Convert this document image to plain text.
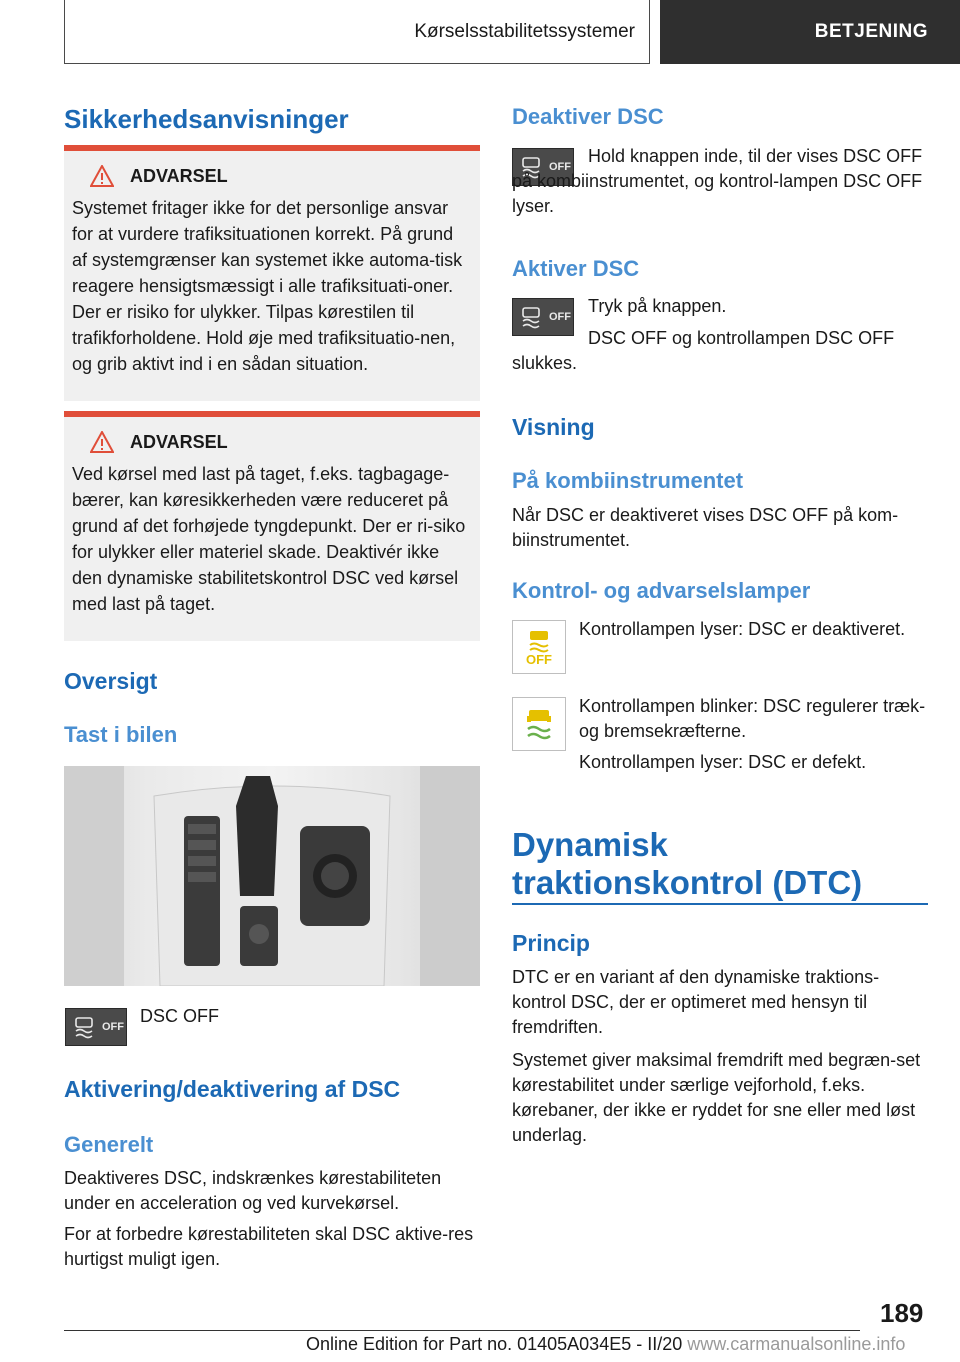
Kørselsstabilitetssystemer	BETJENING
Sikkerhedsanvisninger
ADVARSEL

Systemet fritager ikke for det personlige ansvar for at vurdere trafiksituationen korrekt. På grund af systemgrænser kan systemet ikke automa-tisk reagere hensigtsmæssigt i alle trafiksituati-oner. Der er risiko for ulykker. Tilpas kørestilen til trafikforholdene. Hold øje med trafiksituatio-nen, og grib aktivt ind i en sådan situation.

ADVARSEL

Ved kørsel med last på taget, f.eks. tagbagage-bærer, kan køresikkerheden være reduceret på grund af det forhøjede tyngdepunkt. Der er ri-siko for ulykker eller materiel skade. Deaktivér ikke den dynamiske stabilitetskontrol DSC ved kørsel med last på taget.

Oversigt
Tast i bilen
OFF

DSC OFF

Aktivering/deaktivering af DSC
Generelt

Deaktiveres DSC, indskrænkes kørestabiliteten under en acceleration og ved kurvekørsel.

For at forbedre kørestabiliteten skal DSC aktive-res hurtigst muligt igen.

Deaktiver DSC
OFF

Hold knappen inde, til der vises DSC OFF på kombiinstrumentet, og kontrol-lampen DSC OFF lyser.

Aktiver DSC
OFF

Tryk på knappen.

DSC OFF og kontrollampen DSC OFF slukkes.

Visning
På kombiinstrumentet

Når DSC er deaktiveret vises DSC OFF på kom-biinstrumentet.

Kontrol- og advarselslamper
OFF

Kontrollampen lyser: DSC er deaktiveret.

Kontrollampen blinker: DSC regulerer træk- og bremsekræfterne.

Kontrollampen lyser: DSC er defekt.

Dynamisk traktionskontrol (DTC)
Princip

DTC er en variant af den dynamiske traktions-kontrol DSC, der er optimeret med hensyn til fremdriften.

Systemet giver maksimal fremdrift med begræn-set kørestabilitet under særlige vejforhold, f.eks. kørebaner, der ikke er ryddet for sne eller med løst underlag.

189
Online Edition for Part no. 01405A034E5 - II/20 www.carmanualsonline.info
